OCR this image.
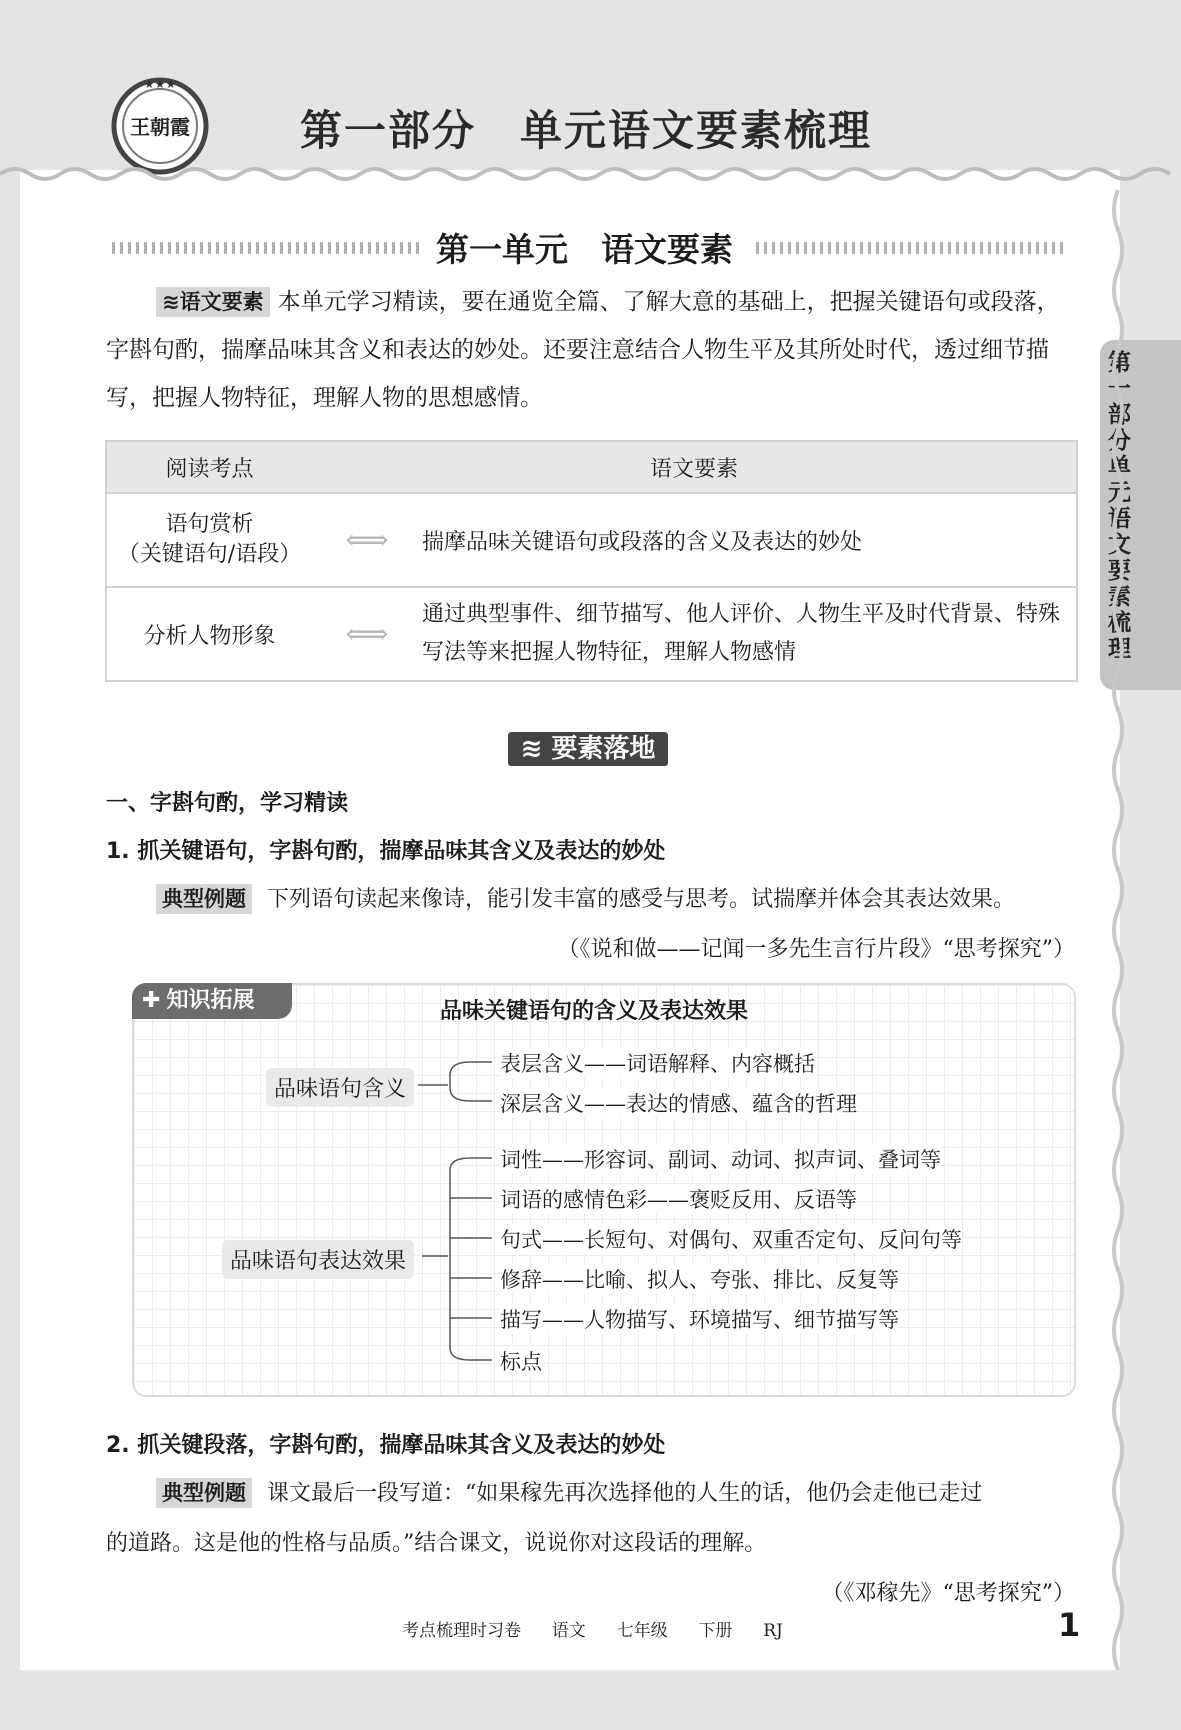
王朝霞
★★★
第一部分　单元语文要素梳理
第一部分 单元语文要素梳理
第一单元　语文要素
≋语文要素 本单元学习精读，要在通览全篇、了解大意的基础上，把握关键语句或段落，字斟句酌，揣摩品味其含义和表达的妙处。还要注意结合人物生平及其所处时代，透过细节描写，把握人物特征，理解人物的思想感情。
阅读考点	语文要素
语句赏析
（关键语句/语段）	⟺ 揣摩品味关键语句或段落的含义及表达的妙处
分析人物形象	⟺
通过典型事件、细节描写、他人评价、人物生平及时代背景、特殊写法等来把握人物特征，理解人物感情
≋ 要素落地
一、字斟句酌，学习精读
1. 抓关键语句，字斟句酌，揣摩品味其含义及表达的妙处
典型例题 下列语句读起来像诗，能引发丰富的感受与思考。试揣摩并体会其表达效果。
（《说和做——记闻一多先生言行片段》“思考探究”）
✚ 知识拓展	品味关键语句的含义及表达效果
品味语句含义
表层含义——词语解释、内容概括
深层含义——表达的情感、蕴含的哲理
品味语句表达效果
词性——形容词、副词、动词、拟声词、叠词等
词语的感情色彩——褒贬反用、反语等
句式——长短句、对偶句、双重否定句、反问句等
修辞——比喻、拟人、夸张、排比、反复等
描写——人物描写、环境描写、细节描写等
标点
2. 抓关键段落，字斟句酌，揣摩品味其含义及表达的妙处
典型例题 课文最后一段写道：“如果稼先再次选择他的人生的话，他仍会走他已走过
的道路。这是他的性格与品质。”结合课文，说说你对这段话的理解。
（《邓稼先》“思考探究”）
考点梳理时习卷  语文  七年级  下册  RJ	1
